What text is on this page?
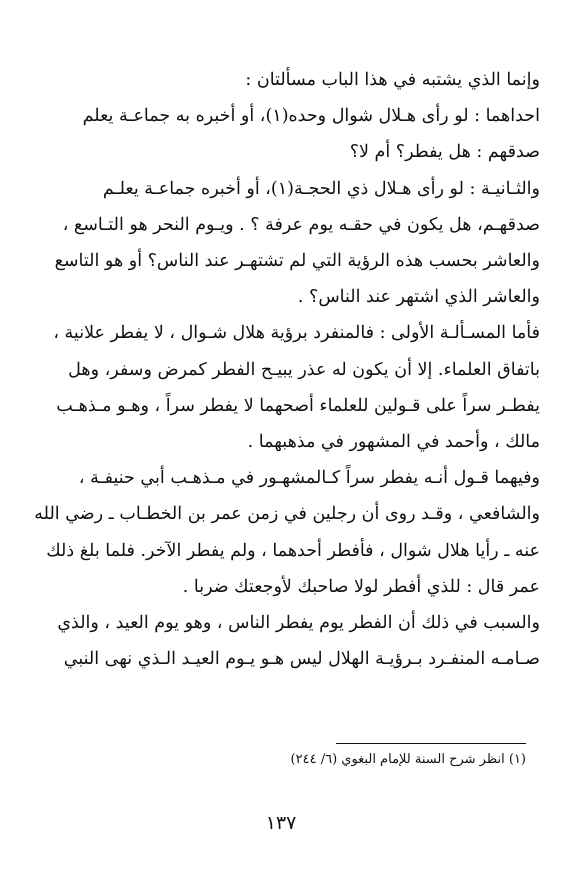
وإنما الذي يشتبه في هذا الباب مسألتان :
احداهما : لو رأى هـلال شوال وحده(١)، أو أخبره به جماعـة يعلم
صدقهم : هل يفطر؟ أم لا؟
والثـانيـة : لو رأى هـلال ذي الحجـة(١)، أو أخبره جماعـة يعلـم
صدقهـم، هل يكون في حقـه يوم عرفة ؟ . ويـوم النحر هو التـاسع ،
والعاشر بحسب هذه الرؤية التي لم تشتهـر عند الناس؟ أو هو التاسع
والعاشر الذي اشتهر عند الناس؟ .
فأما المسـألـة الأولى : فالمنفرد برؤية هلال شـوال ، لا يفطر علانية ،
باتفاق العلماء. إلا أن يكون له عذر يبيـح الفطر كمرض وسفر، وهل
يفطـر سراً على قـولين للعلماء أصحهما لا يفطر سراً ، وهـو مـذهـب
مالك ، وأحمد في المشهور في مذهبهما .
وفيهما قـول أنـه يفطر سراً كـالمشهـور في مـذهـب أبي حنيفـة ،
والشافعي ، وقـد روى أن رجلين في زمن عمر بن الخطـاب ـ رضي الله
عنه ـ رأيا هلال شوال ، فأفطر أحدهما ، ولم يفطر الآخر. فلما بلغ ذلك
عمر قال : للذي أفطر لولا صاحبك لأوجعتك ضربا .
والسبب في ذلك أن الفطر يوم يفطر الناس ، وهو يوم العيد ، والذي
صـامـه المنفـرد بـرؤيـة الهلال ليس هـو يـوم العيـد الـذي نهى النبي
(١) انظر شرح السنة للإمام البغوي (٦/ ٢٤٤)
١٣٧
